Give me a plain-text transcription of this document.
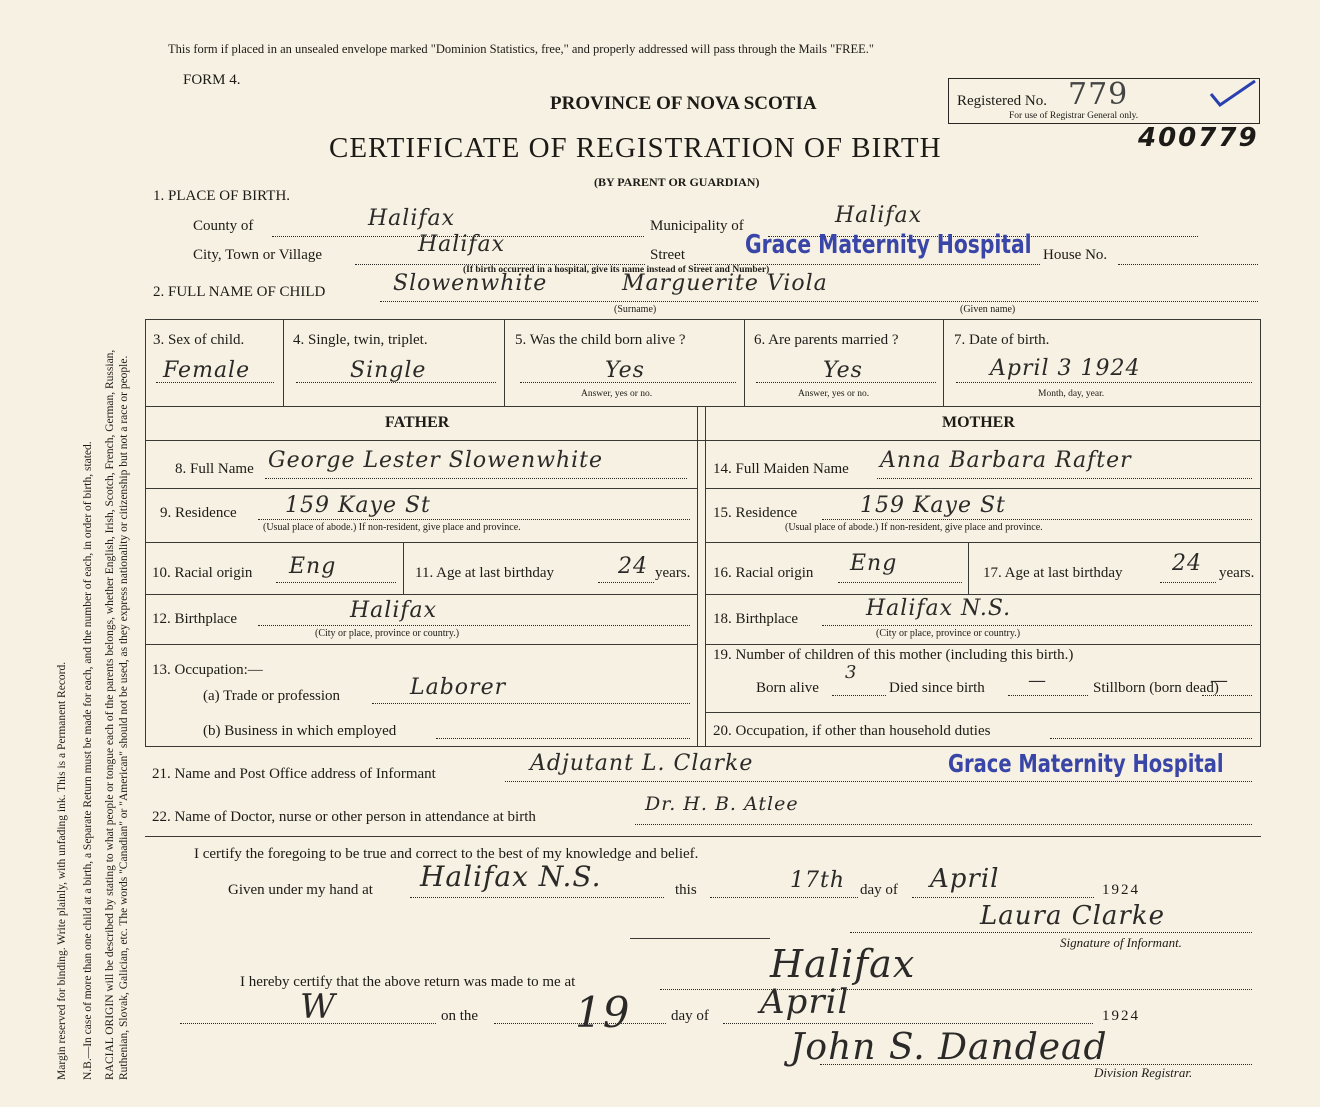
Margin reserved for binding. Write plainly, with unfading ink. This is a Permanent Record. N.B.—In case of more than one child at a birth, a Separate Return must be made for each, and the number of each, in order of birth, stated. RACIAL ORIGIN will be described by stating to what people or tongue each of the parents belongs, whether English, Irish, Scotch, French, German, Russian, Ruthenian, Slovak, Galician, etc. The words "Canadian" or "American" should not be used, as they express nationality or citizenship but not a race or people.
This form if placed in an unsealed envelope marked "Dominion Statistics, free," and properly addressed will pass through the Mails "FREE."
FORM 4.
PROVINCE OF NOVA SCOTIA
CERTIFICATE OF REGISTRATION OF BIRTH
(BY PARENT OR GUARDIAN)
Registered No. 779
For use of Registrar General only.
400779
1. PLACE OF BIRTH.
County of	Halifax	Municipality of	Halifax
City, Town or Village	Halifax	Street Grace Maternity Hospital House No.
(If birth occurred in a hospital, give its name instead of Street and Number)
2. FULL NAME OF CHILD	Slowenwhite	Marguerite Viola
(Surname)	(Given name)
3. Sex of child.
Female
4. Single, twin, triplet.
Single
5. Was the child born alive ?
Yes
Answer, yes or no.
6. Are parents married ?
Yes
Answer, yes or no.
7. Date of birth.
April 3 1924
Month, day, year.
FATHER	MOTHER
8. Full Name George Lester Slowenwhite
9. Residence 159 Kaye St
(Usual place of abode.) If non-resident, give place and province.
10. Racial origin Eng	11. Age at last birthday	24 years.
12. Birthplace	Halifax
(City or place, province or country.)
13. Occupation:—
(a) Trade or profession	Laborer
(b) Business in which employed
14. Full Maiden Name Anna Barbara Rafter
15. Residence	159 Kaye St
(Usual place of abode.) If non-resident, give place and province.
16. Racial origin Eng	17. Age at last birthday 24 years.
18. Birthplace	Halifax N.S.
(City or place, province or country.)
19. Number of children of this mother (including this birth.)
Born alive
3
Died since birth —	Stillborn (born dead)
—
20. Occupation, if other than household duties
21. Name and Post Office address of Informant	Adjutant L. Clarke	Grace Maternity Hospital
22. Name of Doctor, nurse or other person in attendance at birth
Dr. H. B. Atlee
I certify the foregoing to be true and correct to the best of my knowledge and belief.
Given under my hand at Halifax N.S.	this	17th day of April	1924
Laura Clarke
Signature of Informant.
I hereby certify that the above return was made to me at	Halifax
W	on the 19	day of April	1924
John S. Dandead
Division Registrar.
